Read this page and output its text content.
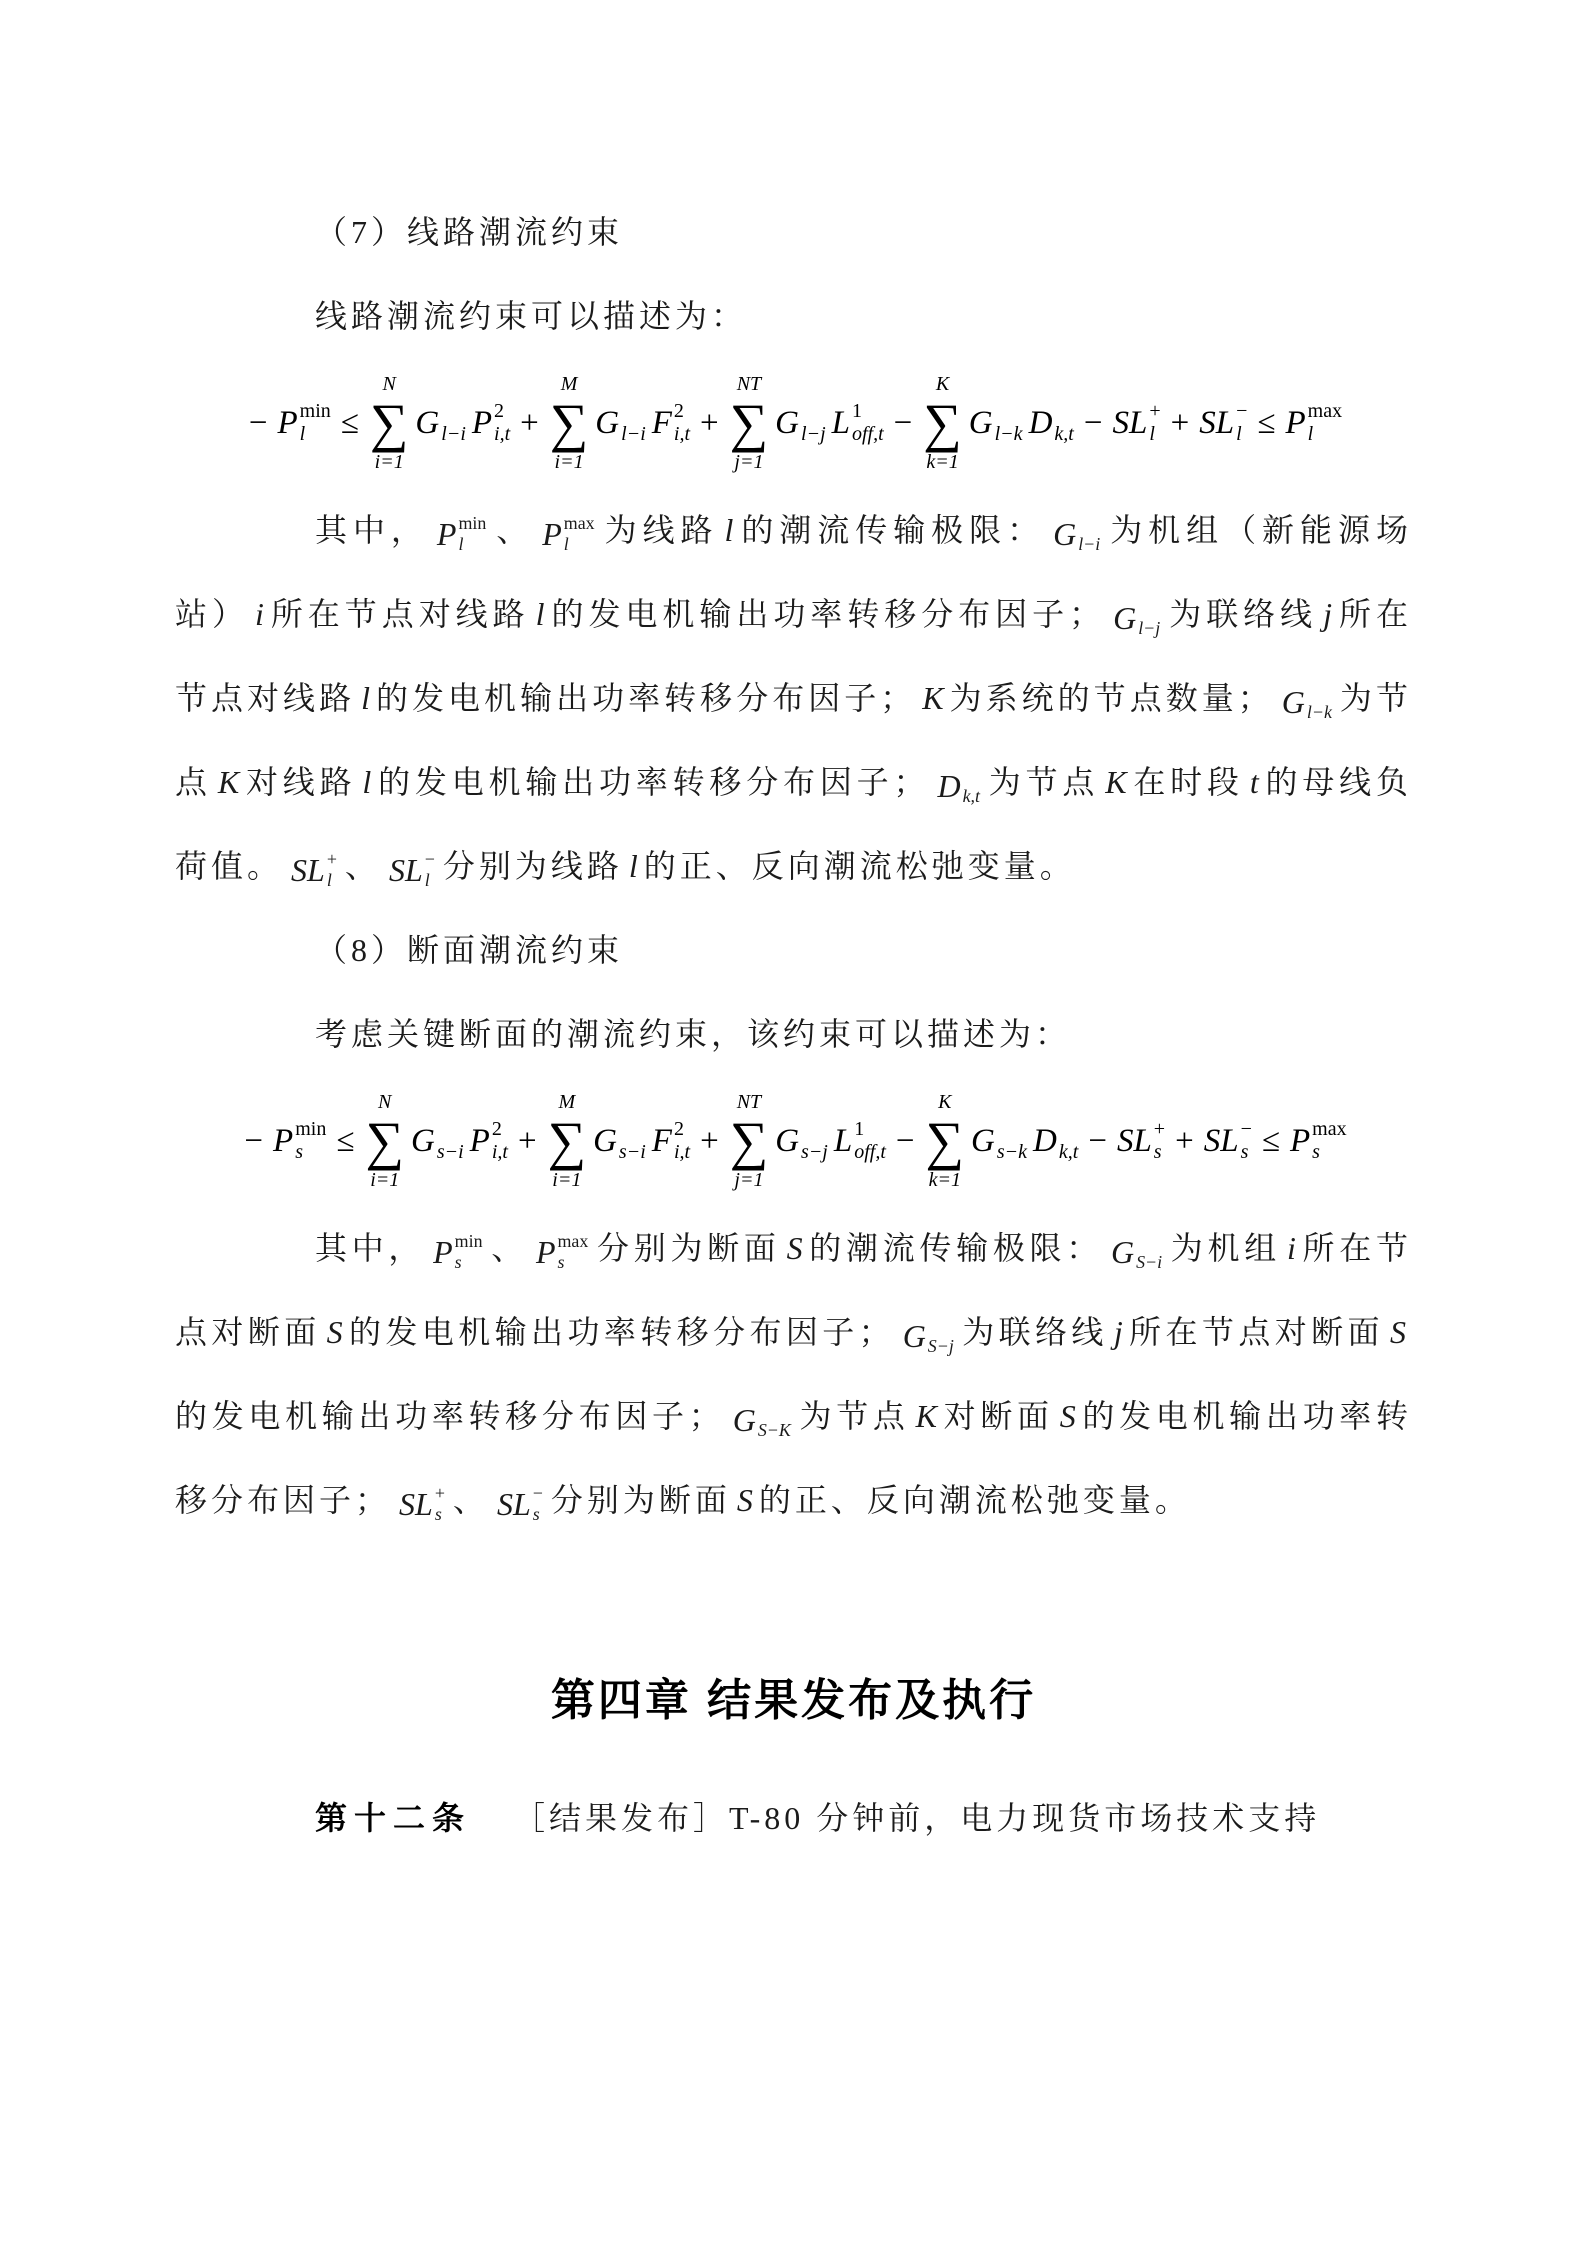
（7）线路潮流约束

线路潮流约束可以描述为：

− P min
l	≤
N
∑
i=1
G
l−i P 2
i,t +
M
∑
i=1
G
l−i F 2
i,t +
NT
∑
j=1
G
l−j L 1
off,t −
K
∑
k=1
G
l−k D
k,t − SL +
l + SL −
l ≤ P max
l

其中， P min
l 、 P max
l	为线路 l 的潮流传输极限： G
l−i 为机组（新能源场站） i 所在节点对线路 l 的发电机输出功率转移分布因子； G
l−j 为联络线 j 所在节点对线路 l 的发电机输出功率转移分布因子； K 为系统的节点数量； G
l−k 为节点 K 对线路 l 的发电机输出功率转移分布因子； D
k,t 为节点 K 在时段 t 的母线负荷值。 SL +
l 、 SL −
l 分别为线路 l 的正、反向潮流松弛变量。

（8）断面潮流约束

考虑关键断面的潮流约束，该约束可以描述为：

− P min
s	≤
N
∑
i=1
G
s−i P 2
i,t +
M
∑
i=1
G
s−i F 2
i,t +
NT
∑
j=1
G
s−j L 1
off,t −
K
∑
k=1
G
s−k D
k,t − SL +
s + SL −
s ≤ P max
s

其中， P min
s 、 P max
s 分别为断面 S 的潮流传输极限： G
S−i 为机组 i 所在节点对断面 S 的发电机输出功率转移分布因子； G
S−j 为联络线 j 所在节点对断面 S的发电机输出功率转移分布因子； G
S−K 为节点 K 对断面 S 的发电机输出功率转移分布因子； SL +
s 、 SL −
s 分别为断面 S 的正、反向潮流松弛变量。

第四章 结果发布及执行

第十二条 ［结果发布］T-80 分钟前，电力现货市场技术支持
